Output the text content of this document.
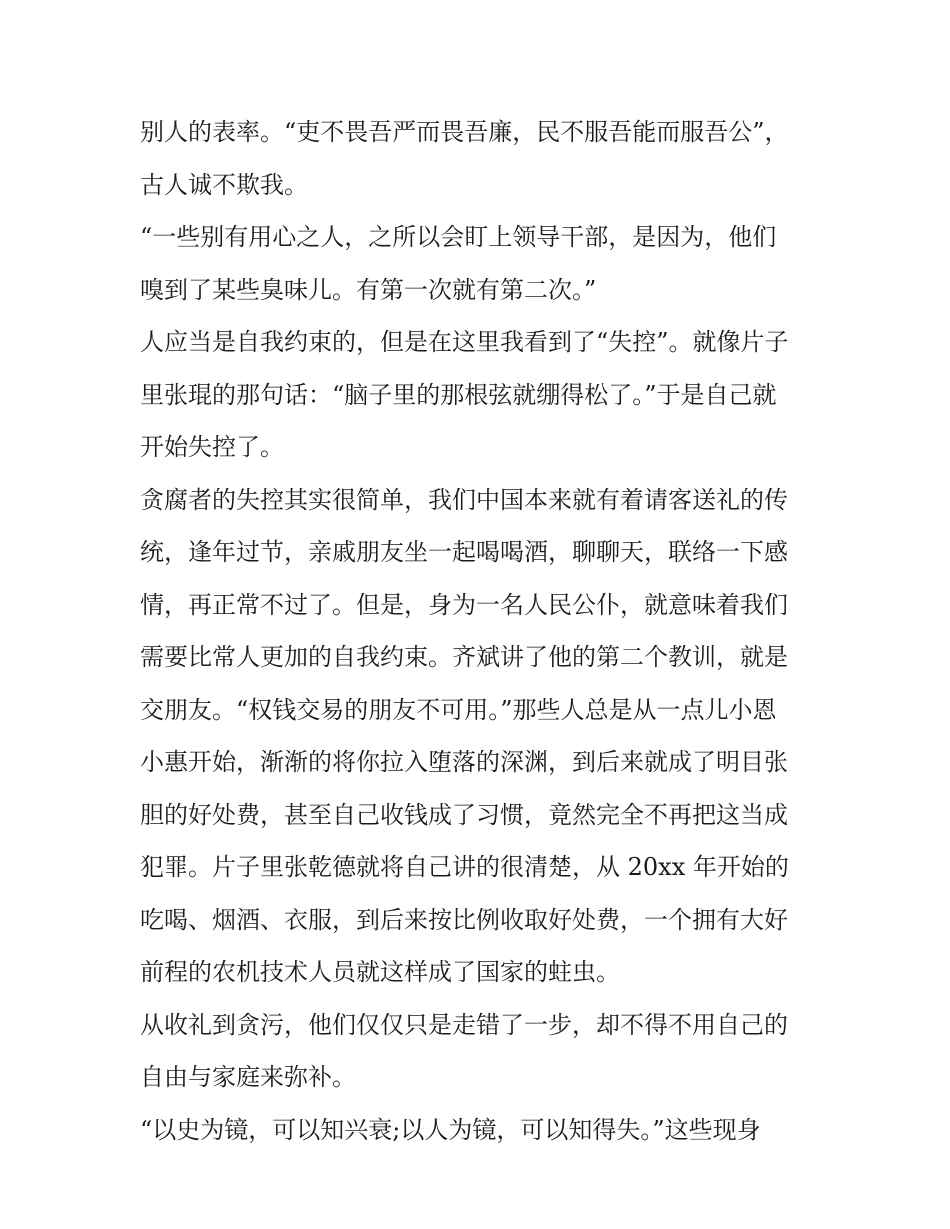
别人的表率。“吏不畏吾严而畏吾廉，民不服吾能而服吾公”，
古人诚不欺我。
“一些别有用心之人，之所以会盯上领导干部，是因为，他们
嗅到了某些臭味儿。有第一次就有第二次。”
人应当是自我约束的，但是在这里我看到了“失控”。就像片子
里张琨的那句话：“脑子里的那根弦就绷得松了。”于是自己就
开始失控了。
贪腐者的失控其实很简单，我们中国本来就有着请客送礼的传
统，逢年过节，亲戚朋友坐一起喝喝酒，聊聊天，联络一下感
情，再正常不过了。但是，身为一名人民公仆，就意味着我们
需要比常人更加的自我约束。齐斌讲了他的第二个教训，就是
交朋友。“权钱交易的朋友不可用。”那些人总是从一点儿小恩
小惠开始，渐渐的将你拉入堕落的深渊，到后来就成了明目张
胆的好处费，甚至自己收钱成了习惯，竟然完全不再把这当成
犯罪。片子里张乾德就将自己讲的很清楚，从 20xx 年开始的
吃喝、烟酒、衣服，到后来按比例收取好处费，一个拥有大好
前程的农机技术人员就这样成了国家的蛀虫。
从收礼到贪污，他们仅仅只是走错了一步，却不得不用自己的
自由与家庭来弥补。
“以史为镜，可以知兴衰;以人为镜，可以知得失。”这些现身
